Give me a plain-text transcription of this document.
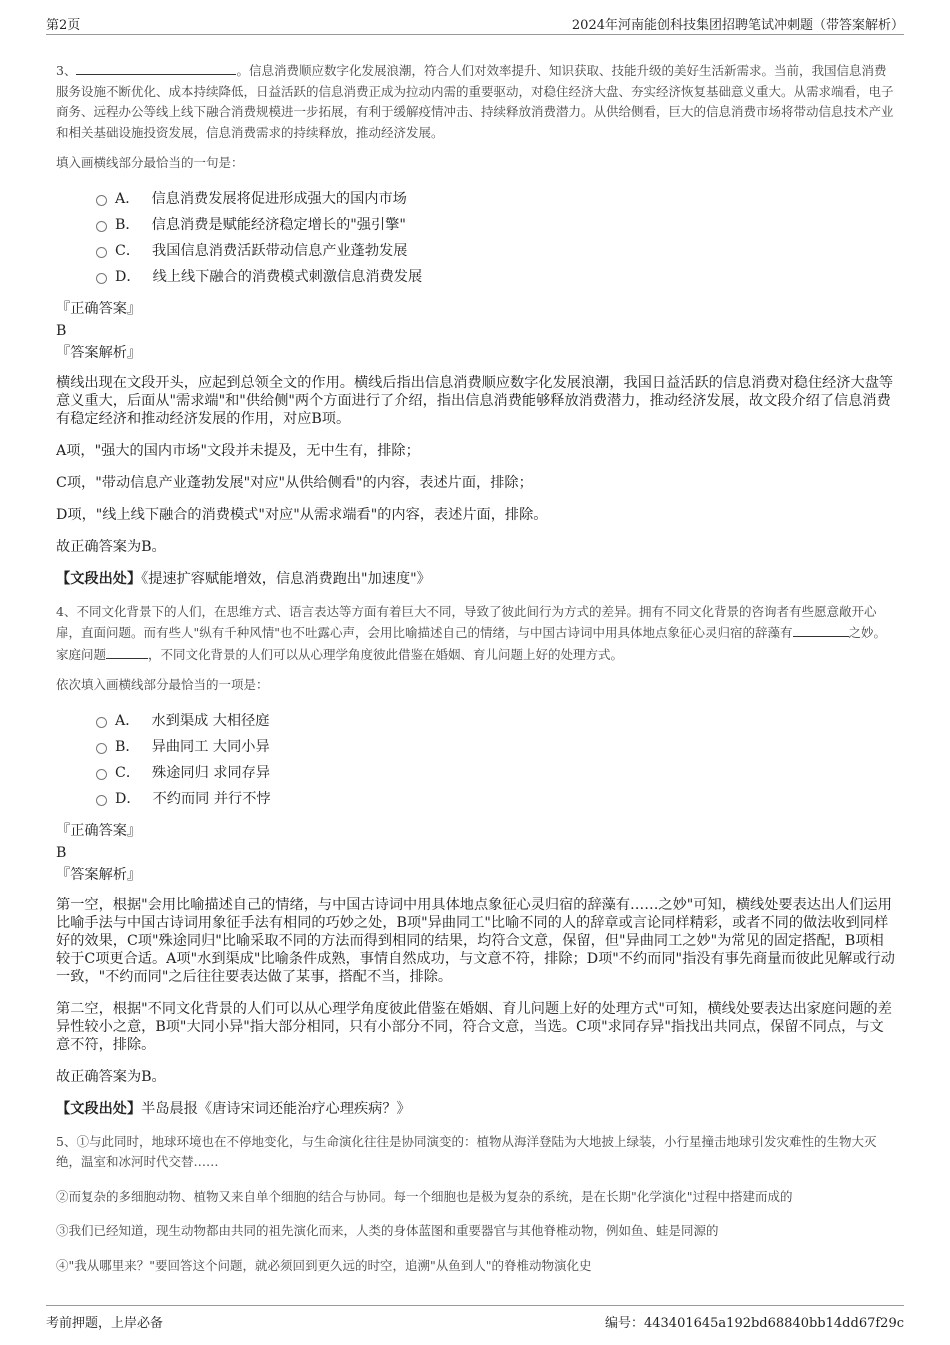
第2页	2024年河南能创科技集团招聘笔试冲刺题（带答案解析）

3、	。信息消费顺应数字化发展浪潮，符合人们对效率提升、知识获取、技能升级的美好生活新需求。当前，我国信息消费服务设施不断优化、成本持续降低，日益活跃的信息消费正成为拉动内需的重要驱动，对稳住经济大盘、夯实经济恢复基础意义重大。从需求端看，电子商务、远程办公等线上线下融合消费规模进一步拓展，有利于缓解疫情冲击、持续释放消费潜力。从供给侧看，巨大的信息消费市场将带动信息技术产业和相关基础设施投资发展，信息消费需求的持续释放，推动经济发展。

填入画横线部分最恰当的一句是：

A． 信息消费发展将促进形成强大的国内市场
B． 信息消费是赋能经济稳定增长的"强引擎"
C． 我国信息消费活跃带动信息产业蓬勃发展
D． 线上线下融合的消费模式刺激信息消费发展

『正确答案』

B

『答案解析』

横线出现在文段开头，应起到总领全文的作用。横线后指出信息消费顺应数字化发展浪潮，我国日益活跃的信息消费对稳住经济大盘等意义重大，后面从"需求端"和"供给侧"两个方面进行了介绍，指出信息消费能够释放消费潜力，推动经济发展，故文段介绍了信息消费有稳定经济和推动经济发展的作用，对应B项。

A项，"强大的国内市场"文段并未提及，无中生有，排除；

C项，"带动信息产业蓬勃发展"对应"从供给侧看"的内容，表述片面，排除；

D项，"线上线下融合的消费模式"对应"从需求端看"的内容，表述片面，排除。

故正确答案为B。

【文段出处】《提速扩容赋能增效，信息消费跑出"加速度"》

4、不同文化背景下的人们，在思维方式、语言表达等方面有着巨大不同，导致了彼此间行为方式的差异。拥有不同文化背景的咨询者有些愿意敞开心扉，直面问题。而有些人"纵有千种风情"也不吐露心声，会用比喻描述自己的情绪，与中国古诗词中用具体地点象征心灵归宿的辞藻有	之妙。家庭问题	，不同文化背景的人们可以从心理学角度彼此借鉴在婚姻、育儿问题上好的处理方式。

依次填入画横线部分最恰当的一项是：

A． 水到渠成 大相径庭
B． 异曲同工 大同小异
C． 殊途同归 求同存异
D． 不约而同 并行不悖

『正确答案』

B

『答案解析』

第一空，根据"会用比喻描述自己的情绪，与中国古诗词中用具体地点象征心灵归宿的辞藻有……之妙"可知，横线处要表达出人们运用比喻手法与中国古诗词用象征手法有相同的巧妙之处，B项"异曲同工"比喻不同的人的辞章或言论同样精彩，或者不同的做法收到同样好的效果，C项"殊途同归"比喻采取不同的方法而得到相同的结果，均符合文意，保留，但"异曲同工之妙"为常见的固定搭配，B项相较于C项更合适。A项"水到渠成"比喻条件成熟，事情自然成功，与文意不符，排除；D项"不约而同"指没有事先商量而彼此见解或行动一致，"不约而同"之后往往要表达做了某事，搭配不当，排除。

第二空，根据"不同文化背景的人们可以从心理学角度彼此借鉴在婚姻、育儿问题上好的处理方式"可知，横线处要表达出家庭问题的差异性较小之意，B项"大同小异"指大部分相同，只有小部分不同，符合文意，当选。C项"求同存异"指找出共同点，保留不同点，与文意不符，排除。

故正确答案为B。

【文段出处】半岛晨报《唐诗宋词还能治疗心理疾病？》

5、①与此同时，地球环境也在不停地变化，与生命演化往往是协同演变的：植物从海洋登陆为大地披上绿装，小行星撞击地球引发灾难性的生物大灭绝，温室和冰河时代交替……

②而复杂的多细胞动物、植物又来自单个细胞的结合与协同。每一个细胞也是极为复杂的系统，是在长期"化学演化"过程中搭建而成的

③我们已经知道，现生动物都由共同的祖先演化而来，人类的身体蓝图和重要器官与其他脊椎动物，例如鱼、蛙是同源的

④"我从哪里来？"要回答这个问题，就必须回到更久远的时空，追溯"从鱼到人"的脊椎动物演化史

考前押题，上岸必备	编号：443401645a192bd68840bb14dd67f29c
